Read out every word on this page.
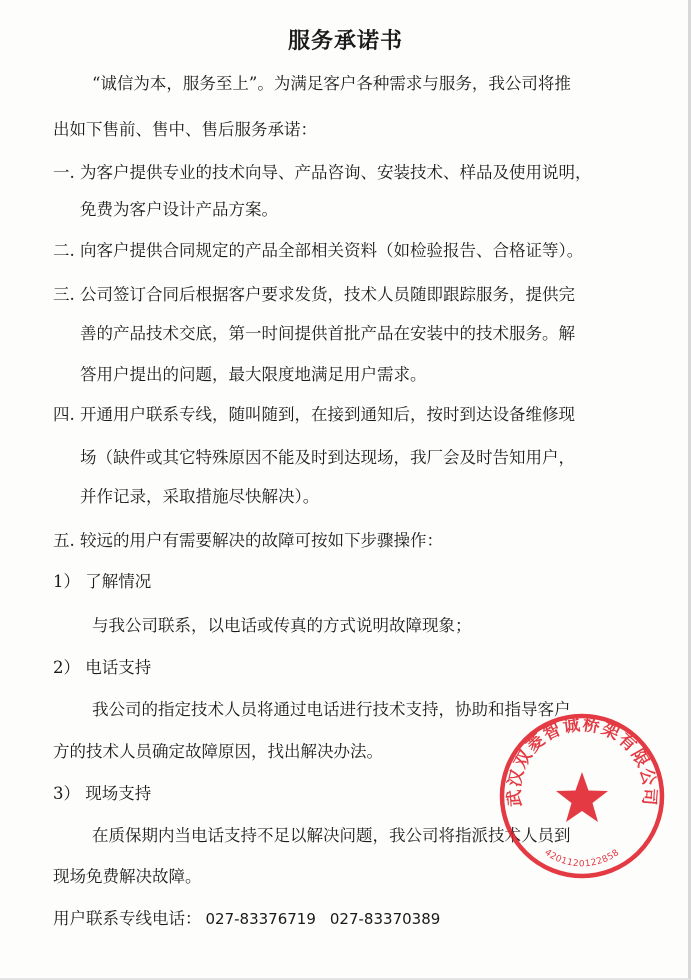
服务承诺书
“诚信为本，服务至上”。为满足客户各种需求与服务，我公司将推
出如下售前、售中、售后服务承诺：
一. 为客户提供专业的技术向导、产品咨询、安装技术、样品及使用说明，
免费为客户设计产品方案。
二. 向客户提供合同规定的产品全部相关资料（如检验报告、合格证等）。
三. 公司签订合同后根据客户要求发货，技术人员随即跟踪服务，提供完
善的产品技术交底，第一时间提供首批产品在安装中的技术服务。解
答用户提出的问题，最大限度地满足用户需求。
四. 开通用户联系专线，随叫随到，在接到通知后，按时到达设备维修现
场（缺件或其它特殊原因不能及时到达现场，我厂会及时告知用户，
并作记录，采取措施尽快解决）。
五. 较远的用户有需要解决的故障可按如下步骤操作：
1） 了解情况
与我公司联系，以电话或传真的方式说明故障现象；
2） 电话支持
我公司的指定技术人员将通过电话进行技术支持，协助和指导客户
方的技术人员确定故障原因，找出解决办法。
3） 现场支持
在质保期内当电话支持不足以解决问题，我公司将指派技术人员到
现场免费解决故障。
用户联系专线电话： 027-83376719 027-83370389
武汉双菱智诚桥架有限公司
4201120122858
